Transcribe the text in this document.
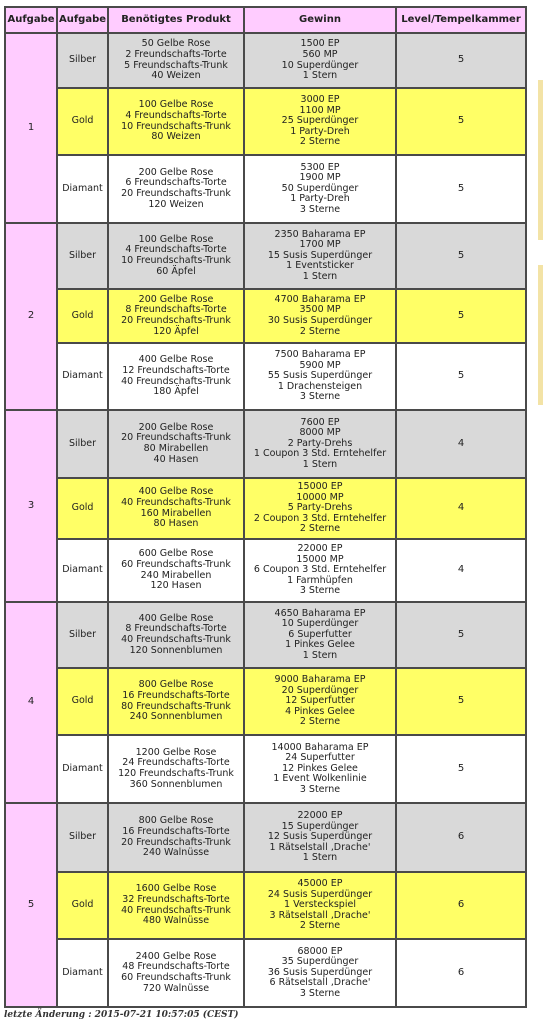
Aufgabe	Aufgabe	Benötigtes Produkt	Gewinn	Level/Tempelkammer
1	Silber	50 Gelbe Rose
2 Freundschafts-Torte
5 Freundschafts-Trunk
40 Weizen	1500 EP
560 MP
10 Superdünger
1 Stern	5
	Gold	100 Gelbe Rose
4 Freundschafts-Torte
10 Freundschafts-Trunk
80 Weizen	3000 EP
1100 MP
25 Superdünger
1 Party-Dreh
2 Sterne	5
	Diamant	200 Gelbe Rose
6 Freundschafts-Torte
20 Freundschafts-Trunk
120 Weizen	5300 EP
1900 MP
50 Superdünger
1 Party-Dreh
3 Sterne	5
2	Silber	100 Gelbe Rose
4 Freundschafts-Torte
10 Freundschafts-Trunk
60 Äpfel	2350 Baharama EP
1700 MP
15 Susis Superdünger
1 Eventsticker
1 Stern	5
	Gold	200 Gelbe Rose
8 Freundschafts-Torte
20 Freundschafts-Trunk
120 Äpfel	4700 Baharama EP
3500 MP
30 Susis Superdünger
2 Sterne	5
	Diamant	400 Gelbe Rose
12 Freundschafts-Torte
40 Freundschafts-Trunk
180 Äpfel	7500 Baharama EP
5900 MP
55 Susis Superdünger
1 Drachensteigen
3 Sterne	5
3	Silber	200 Gelbe Rose
20 Freundschafts-Trunk
80 Mirabellen
40 Hasen	7600 EP
8000 MP
2 Party-Drehs
1 Coupon 3 Std. Erntehelfer
1 Stern	4
	Gold	400 Gelbe Rose
40 Freundschafts-Trunk
160 Mirabellen
80 Hasen	15000 EP
10000 MP
5 Party-Drehs
2 Coupon 3 Std. Erntehelfer
2 Sterne	4
	Diamant	600 Gelbe Rose
60 Freundschafts-Trunk
240 Mirabellen
120 Hasen	22000 EP
15000 MP
6 Coupon 3 Std. Erntehelfer
1 Farmhüpfen
3 Sterne	4
4	Silber	400 Gelbe Rose
8 Freundschafts-Torte
40 Freundschafts-Trunk
120 Sonnenblumen	4650 Baharama EP
10 Superdünger
6 Superfutter
1 Pinkes Gelee
1 Stern	5
	Gold	800 Gelbe Rose
16 Freundschafts-Torte
80 Freundschafts-Trunk
240 Sonnenblumen	9000 Baharama EP
20 Superdünger
12 Superfutter
4 Pinkes Gelee
2 Sterne	5
	Diamant	1200 Gelbe Rose
24 Freundschafts-Torte
120 Freundschafts-Trunk
360 Sonnenblumen	14000 Baharama EP
24 Superfutter
12 Pinkes Gelee
1 Event Wolkenlinie
3 Sterne	5
5	Silber	800 Gelbe Rose
16 Freundschafts-Torte
20 Freundschafts-Trunk
240 Walnüsse	22000 EP
15 Superdünger
12 Susis Superdünger
1 Rätselstall ‚Drache'
1 Stern	6
	Gold	1600 Gelbe Rose
32 Freundschafts-Torte
40 Freundschafts-Trunk
480 Walnüsse	45000 EP
24 Susis Superdünger
1 Versteckspiel
3 Rätselstall ‚Drache'
2 Sterne	6
	Diamant	2400 Gelbe Rose
48 Freundschafts-Torte
60 Freundschafts-Trunk
720 Walnüsse	68000 EP
35 Superdünger
36 Susis Superdünger
6 Rätselstall ‚Drache'
3 Sterne	6
letzte Änderung : 2015-07-21 10:57:05 (CEST)
